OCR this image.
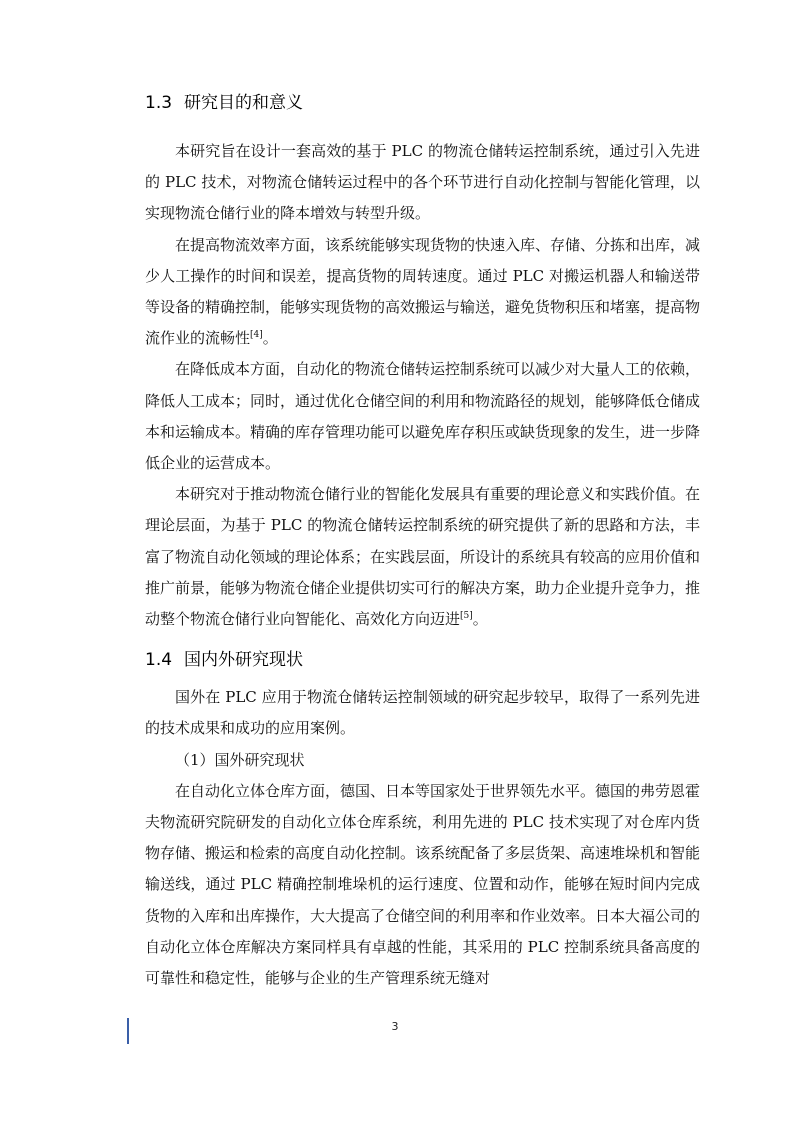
1.3 研究目的和意义

本研究旨在设计一套高效的基于 PLC 的物流仓储转运控制系统，通过引入先进的 PLC 技术，对物流仓储转运过程中的各个环节进行自动化控制与智能化管理，以实现物流仓储行业的降本增效与转型升级。

在提高物流效率方面，该系统能够实现货物的快速入库、存储、分拣和出库，减少人工操作的时间和误差，提高货物的周转速度。通过 PLC 对搬运机器人和输送带等设备的精确控制，能够实现货物的高效搬运与输送，避免货物积压和堵塞，提高物流作业的流畅性[4]。

在降低成本方面，自动化的物流仓储转运控制系统可以减少对大量人工的依赖，降低人工成本；同时，通过优化仓储空间的利用和物流路径的规划，能够降低仓储成本和运输成本。精确的库存管理功能可以避免库存积压或缺货现象的发生，进一步降低企业的运营成本。

本研究对于推动物流仓储行业的智能化发展具有重要的理论意义和实践价值。在理论层面，为基于 PLC 的物流仓储转运控制系统的研究提供了新的思路和方法，丰富了物流自动化领域的理论体系；在实践层面，所设计的系统具有较高的应用价值和推广前景，能够为物流仓储企业提供切实可行的解决方案，助力企业提升竞争力，推动整个物流仓储行业向智能化、高效化方向迈进[5]。

1.4 国内外研究现状

国外在 PLC 应用于物流仓储转运控制领域的研究起步较早，取得了一系列先进的技术成果和成功的应用案例。

（1）国外研究现状

在自动化立体仓库方面，德国、日本等国家处于世界领先水平。德国的弗劳恩霍夫物流研究院研发的自动化立体仓库系统，利用先进的 PLC 技术实现了对仓库内货物存储、搬运和检索的高度自动化控制。该系统配备了多层货架、高速堆垛机和智能输送线，通过 PLC 精确控制堆垛机的运行速度、位置和动作，能够在短时间内完成货物的入库和出库操作，大大提高了仓储空间的利用率和作业效率。日本大福公司的自动化立体仓库解决方案同样具有卓越的性能，其采用的 PLC 控制系统具备高度的可靠性和稳定性，能够与企业的生产管理系统无缝对

3
